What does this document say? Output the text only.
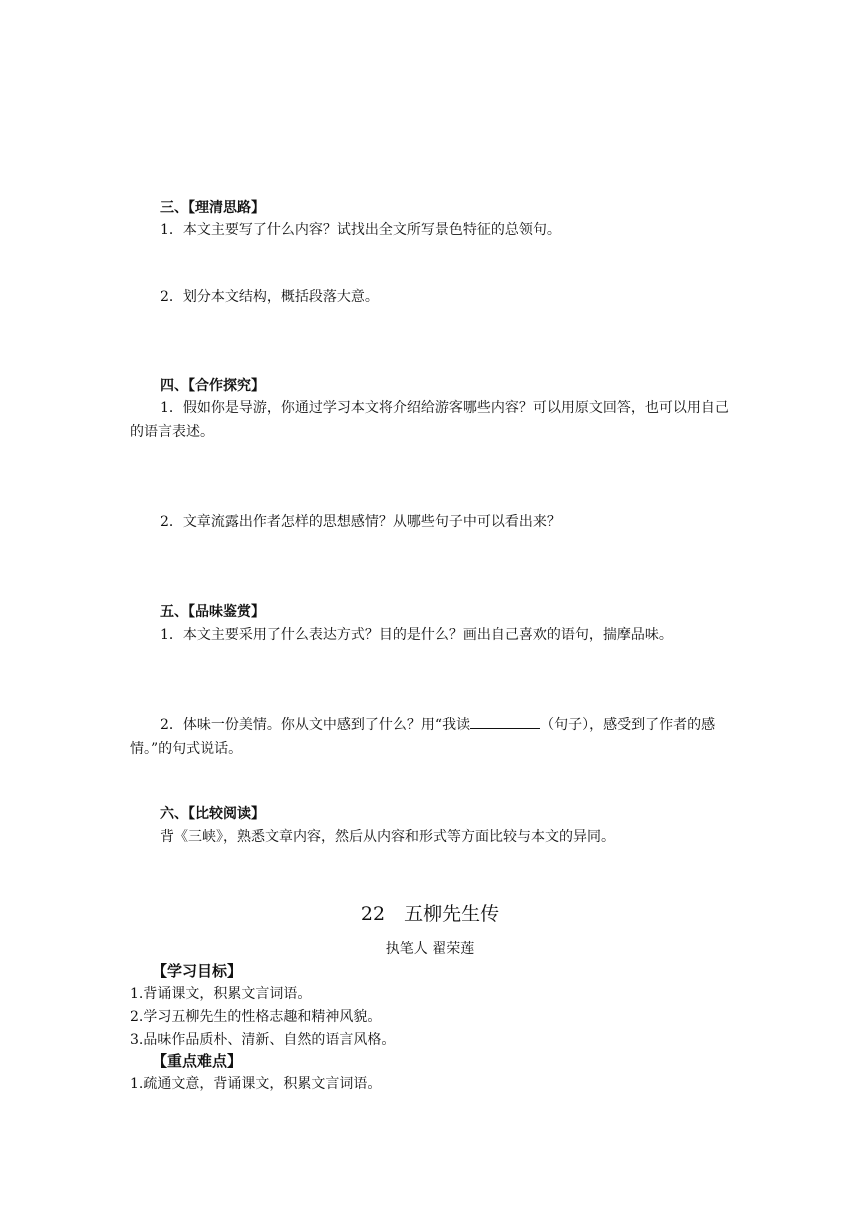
三、【理清思路】
1．本文主要写了什么内容？试找出全文所写景色特征的总领句。
2．划分本文结构，概括段落大意。
四、【合作探究】
1．假如你是导游，你通过学习本文将介绍给游客哪些内容？可以用原文回答，也可以用自己的语言表述。
2．文章流露出作者怎样的思想感情？从哪些句子中可以看出来？
五、【品味鉴赏】
1．本文主要采用了什么表达方式？目的是什么？画出自己喜欢的语句，揣摩品味。
2．体味一份美情。你从文中感到了什么？用“我读	（句子），感受到了作者的感情。”的句式说话。
六、【比较阅读】
背《三峡》，熟悉文章内容，然后从内容和形式等方面比较与本文的异同。
22　五柳先生传
执笔人 翟荣莲
【学习目标】
1.背诵课文，积累文言词语。
2.学习五柳先生的性格志趣和精神风貌。
3.品味作品质朴、清新、自然的语言风格。
【重点难点】
1.疏通文意，背诵课文，积累文言词语。
